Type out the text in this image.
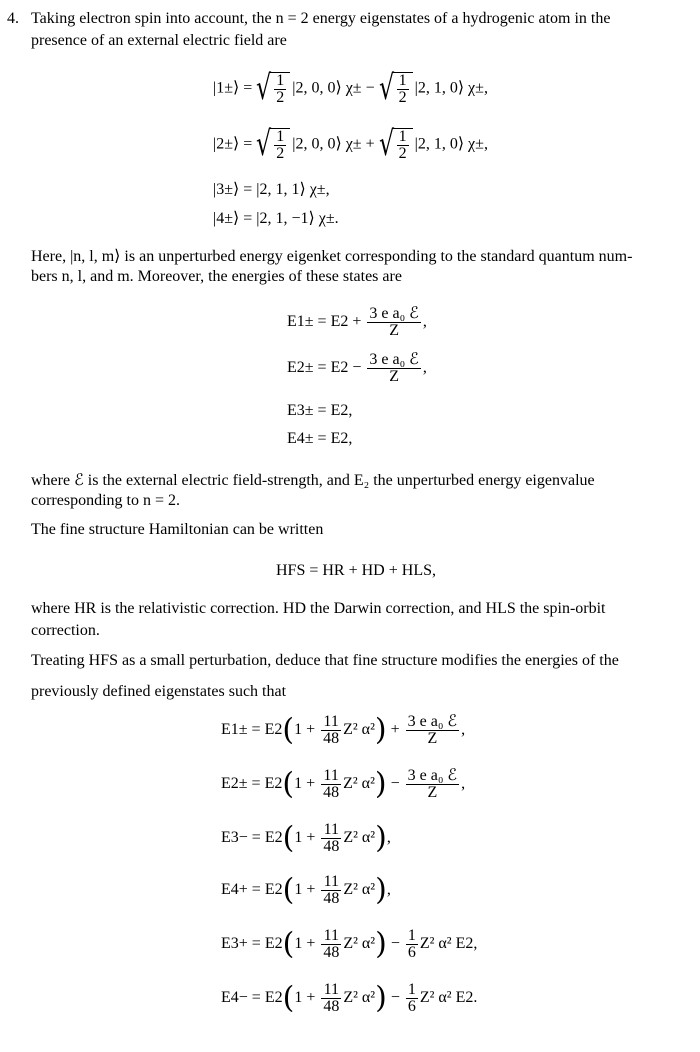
4. Taking electron spin into account, the n = 2 energy eigenstates of a hydrogenic atom in the
presence of an external electric field are
|1±⟩ = √ $\frac{1}{2} |2$, 0, 0⟩ χ± − √ $\frac{1}{2} |2$, 1, 0⟩ χ±,
|2±⟩ = √ $\frac{1}{2} |2$, 0, 0⟩ χ± + √ $\frac{1}{2} |2$, 1, 0⟩ χ±,
|3±⟩ = |2, 1, 1⟩ χ±,
|4±⟩ = |2, 1, −1⟩ χ±.
Here, |n, l, m⟩ is an unperturbed energy eigenket corresponding to the standard quantum num-
bers n, l, and m. Moreover, the energies of these states are
$E1\pm = E2 + \frac{\text{3 e a₀ ℰ}}{Z}$ ,
$E2\pm = E2 - \frac{\text{3 e a₀ ℰ}}{Z}$ ,
E3± = E2,
E4± = E2,
where ℰ is the external electric field-strength, and E₂ the unperturbed energy eigenvalue
corresponding to n = 2.
The fine structure Hamiltonian can be written
HFS = HR + HD + HLS,
where HR is the relativistic correction. HD the Darwin correction, and HLS the spin-orbit
correction.
Treating HFS as a small perturbation, deduce that fine structure modifies the energies of the
previously defined eigenstates such that
$E1\pm = E2(1 + \frac{11}{48} Z^2$ $\alpha^2) + \frac{\text{3 e a₀ ℰ}}{Z}$ ,
$E2\pm = E2(1 + \frac{11}{48} Z^2$ $\alpha^2) - \frac{\text{3 e a₀ ℰ}}{Z}$ ,
$E3- = E2(1 + \frac{11}{48} Z^2$ α²),
$E4+ = E2(1 + \frac{11}{48} Z^2$ α²),
$E3+ = E2(1 + \frac{11}{48} Z^2$ $\alpha^2) - \frac{1}{6} Z^2$ α² E2,
$E4- = E2(1 + \frac{11}{48} Z^2$ $\alpha^2) - \frac{1}{6} Z^2$ α² E2.
